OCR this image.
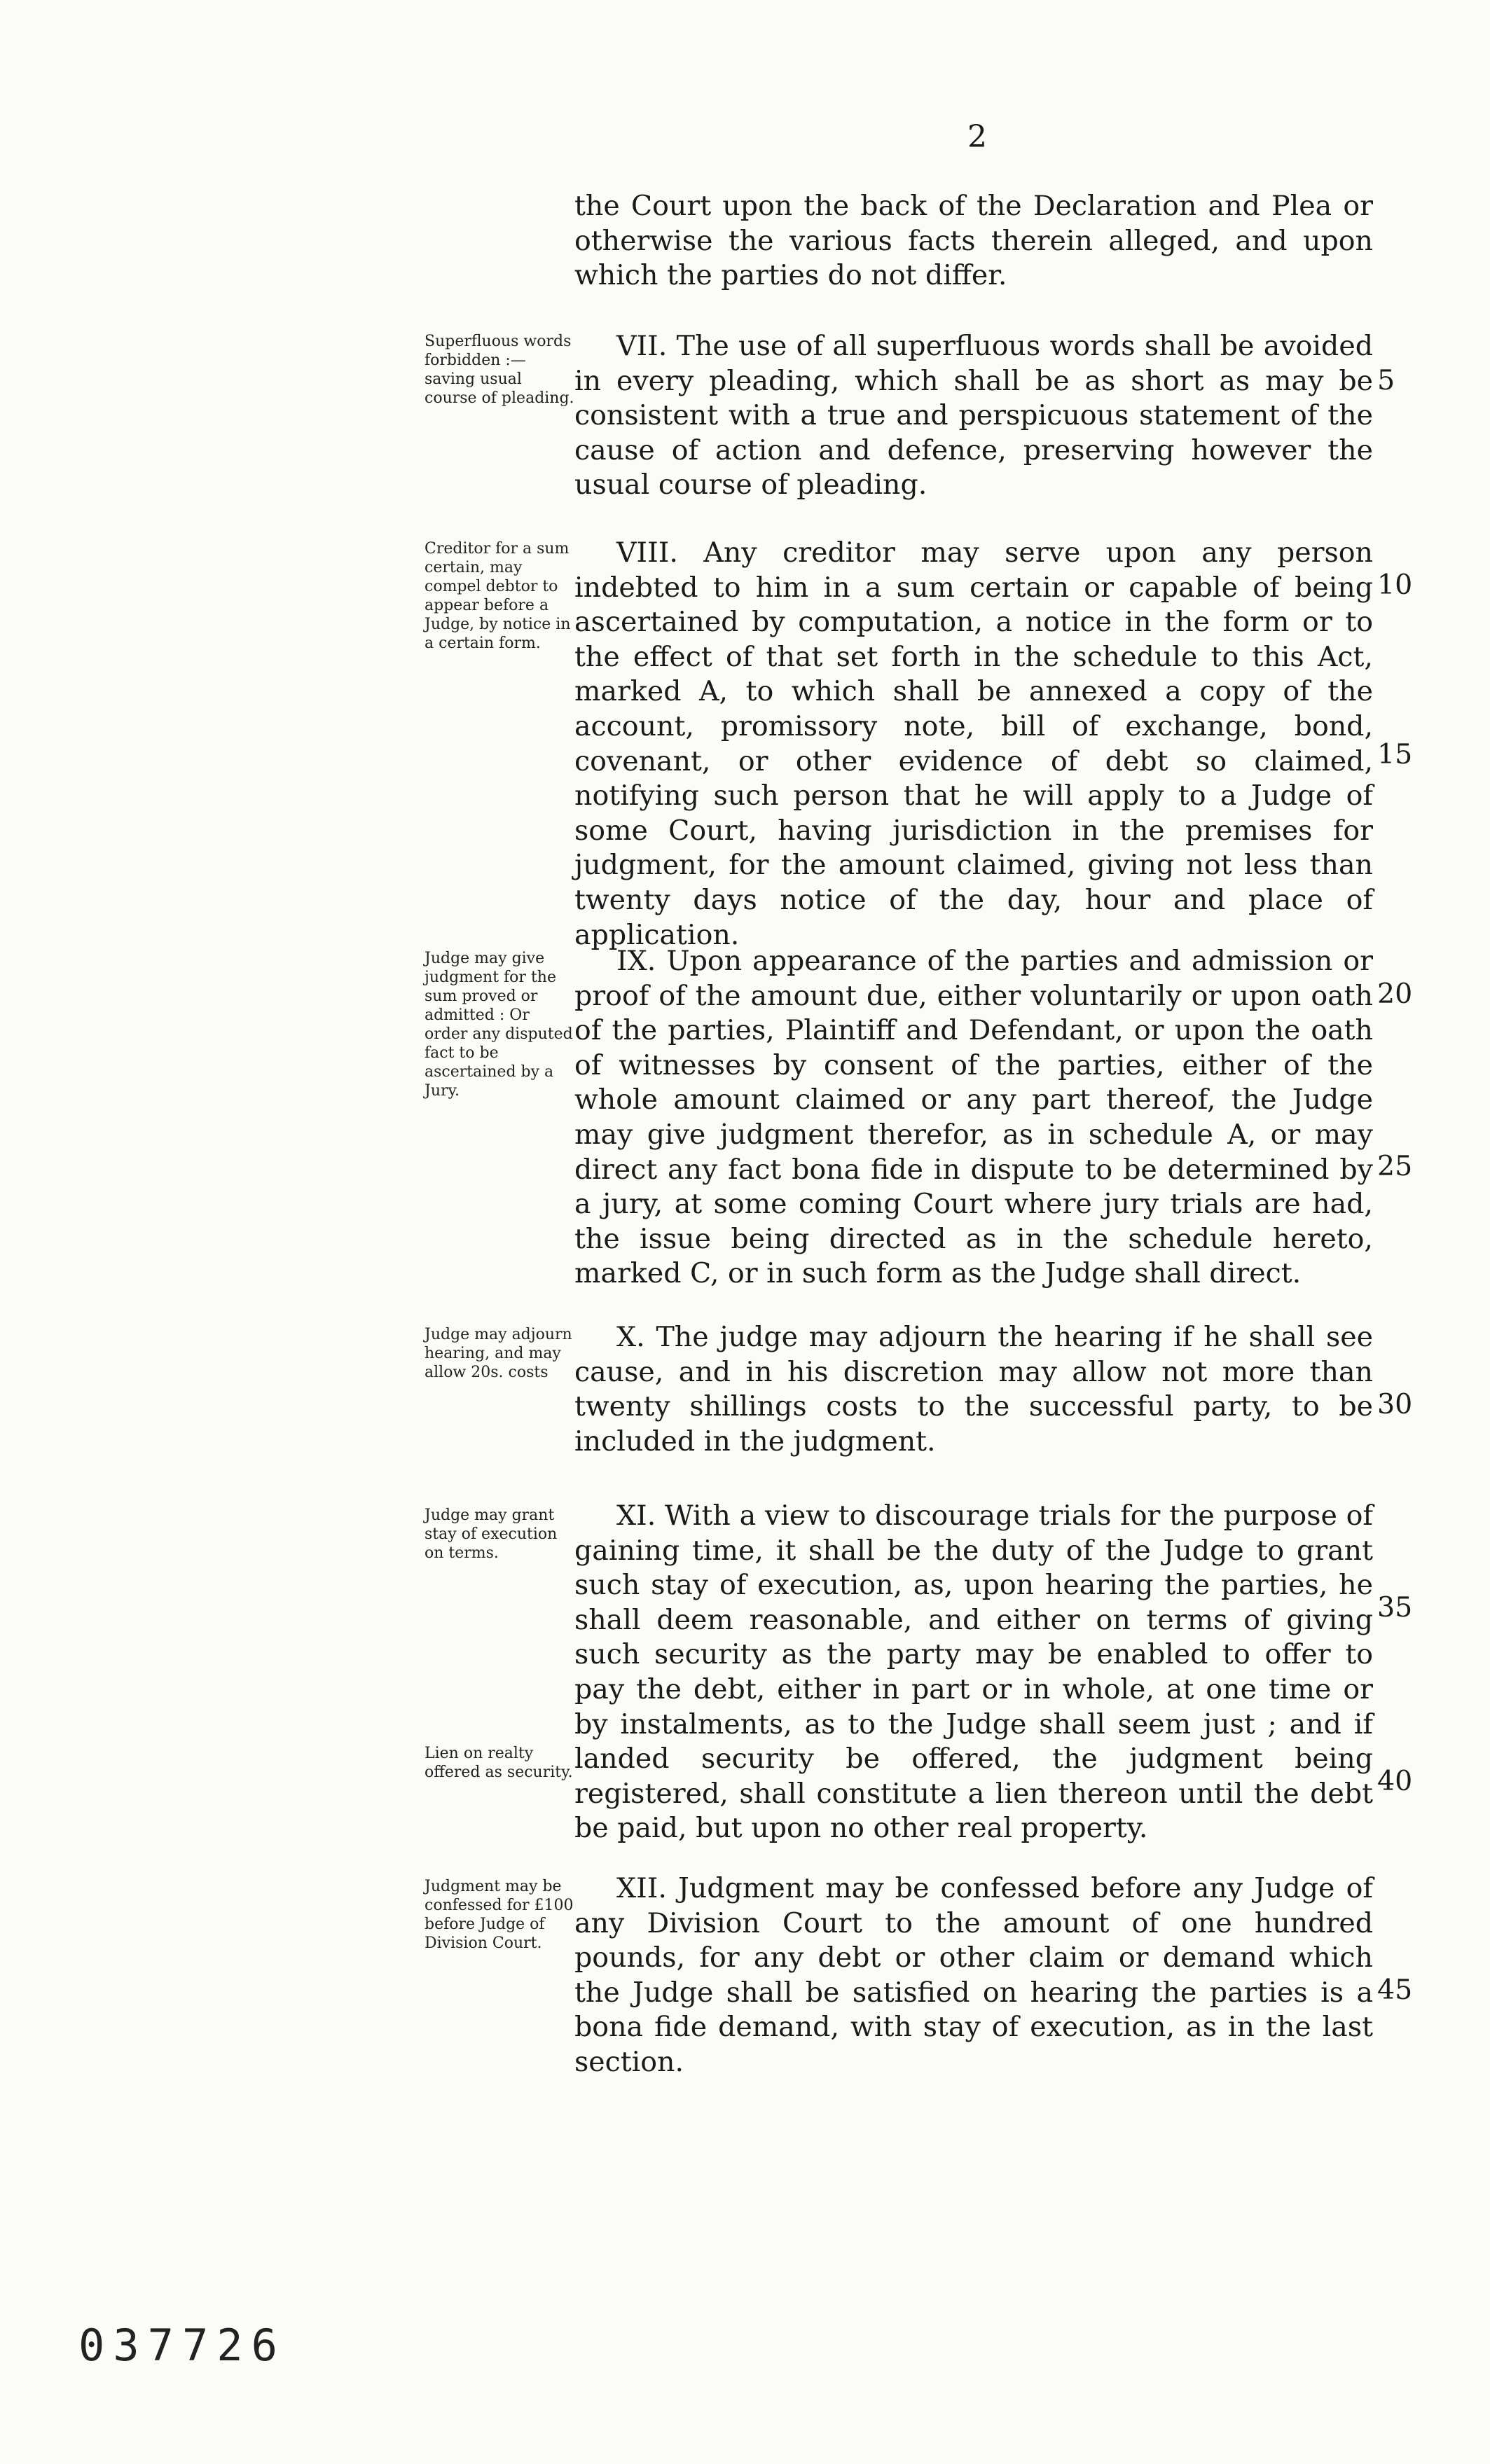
2

the Court upon the back of the Declaration and Plea or otherwise the various facts therein alleged, and upon which the parties do not differ.

Superfluous words forbidden :—saving usual course of pleading.

VII. The use of all superfluous words shall be avoided in every pleading, which shall be as short as may be consistent with a true and perspicuous statement of the cause of action and defence, preserving however the usual course of pleading.

Creditor for a sum certain, may compel debtor to appear before a Judge, by notice in a certain form.

VIII. Any creditor may serve upon any person indebted to him in a sum certain or capable of being ascertained by computation, a notice in the form or to the effect of that set forth in the schedule to this Act, marked A, to which shall be annexed a copy of the account, promissory note, bill of exchange, bond, covenant, or other evidence of debt so claimed, notifying such person that he will apply to a Judge of some Court, having jurisdiction in the premises for judgment, for the amount claimed, giving not less than twenty days notice of the day, hour and place of application.

Judge may give judgment for the sum proved or admitted : Or order any disputed fact to be ascertained by a Jury.

IX. Upon appearance of the parties and admission or proof of the amount due, either voluntarily or upon oath of the parties, Plaintiff and Defendant, or upon the oath of witnesses by consent of the parties, either of the whole amount claimed or any part thereof, the Judge may give judgment therefor, as in schedule A, or may direct any fact bona fide in dispute to be determined by a jury, at some coming Court where jury trials are had, the issue being directed as in the schedule hereto, marked C, or in such form as the Judge shall direct.

Judge may adjourn hearing, and may allow 20s. costs

X. The judge may adjourn the hearing if he shall see cause, and in his discretion may allow not more than twenty shillings costs to the successful party, to be included in the judgment.

Judge may grant stay of execution on terms.
Lien on realty offered as security.

XI. With a view to discourage trials for the purpose of gaining time, it shall be the duty of the Judge to grant such stay of execution, as, upon hearing the parties, he shall deem reasonable, and either on terms of giving such security as the party may be enabled to offer to pay the debt, either in part or in whole, at one time or by instalments, as to the Judge shall seem just ; and if landed security be offered, the judgment being registered, shall constitute a lien thereon until the debt be paid, but upon no other real property.

Judgment may be confessed for £100 before Judge of Division Court.

XII. Judgment may be confessed before any Judge of any Division Court to the amount of one hundred pounds, for any debt or other claim or demand which the Judge shall be satisfied on hearing the parties is a bona fide demand, with stay of execution, as in the last section.

5
10
15
20
25
30
35
40
45
037726
